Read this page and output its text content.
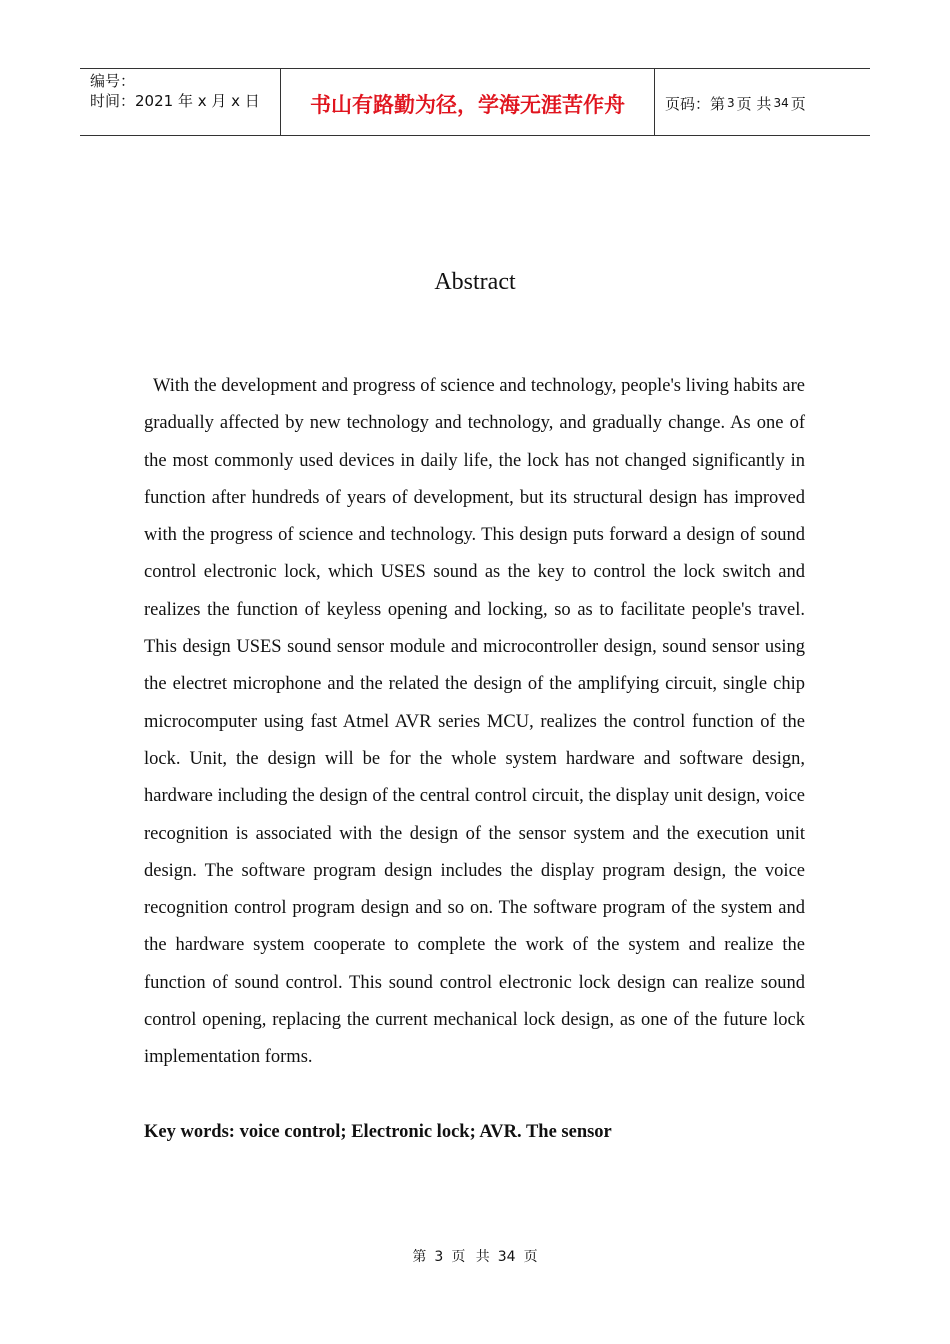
编号：
时间：2021 年 x 月 x 日	书山有路勤为径，学海无涯苦作舟	页码：第 3 页 共 34 页
Abstract

With the development and progress of science and technology, people's living habits are gradually affected by new technology and technology, and gradually change. As one of the most commonly used devices in daily life, the lock has not changed significantly in function after hundreds of years of development, but its structural design has improved with the progress of science and technology. This design puts forward a design of sound control electronic lock, which USES sound as the key to control the lock switch and realizes the function of keyless opening and locking, so as to facilitate people's travel. This design USES sound sensor module and microcontroller design, sound sensor using the electret microphone and the related the design of the amplifying circuit, single chip microcomputer using fast Atmel AVR series MCU, realizes the control function of the lock. Unit, the design will be for the whole system hardware and software design, hardware including the design of the central control circuit, the display unit design, voice recognition is associated with the design of the sensor system and the execution unit design. The software program design includes the display program design, the voice recognition control program design and so on. The software program of the system and the hardware system cooperate to complete the work of the system and realize the function of sound control. This sound control electronic lock design can realize sound control opening, replacing the current mechanical lock design, as one of the future lock implementation forms.

Key words: voice control; Electronic lock; AVR. The sensor

第 3 页 共 34 页
